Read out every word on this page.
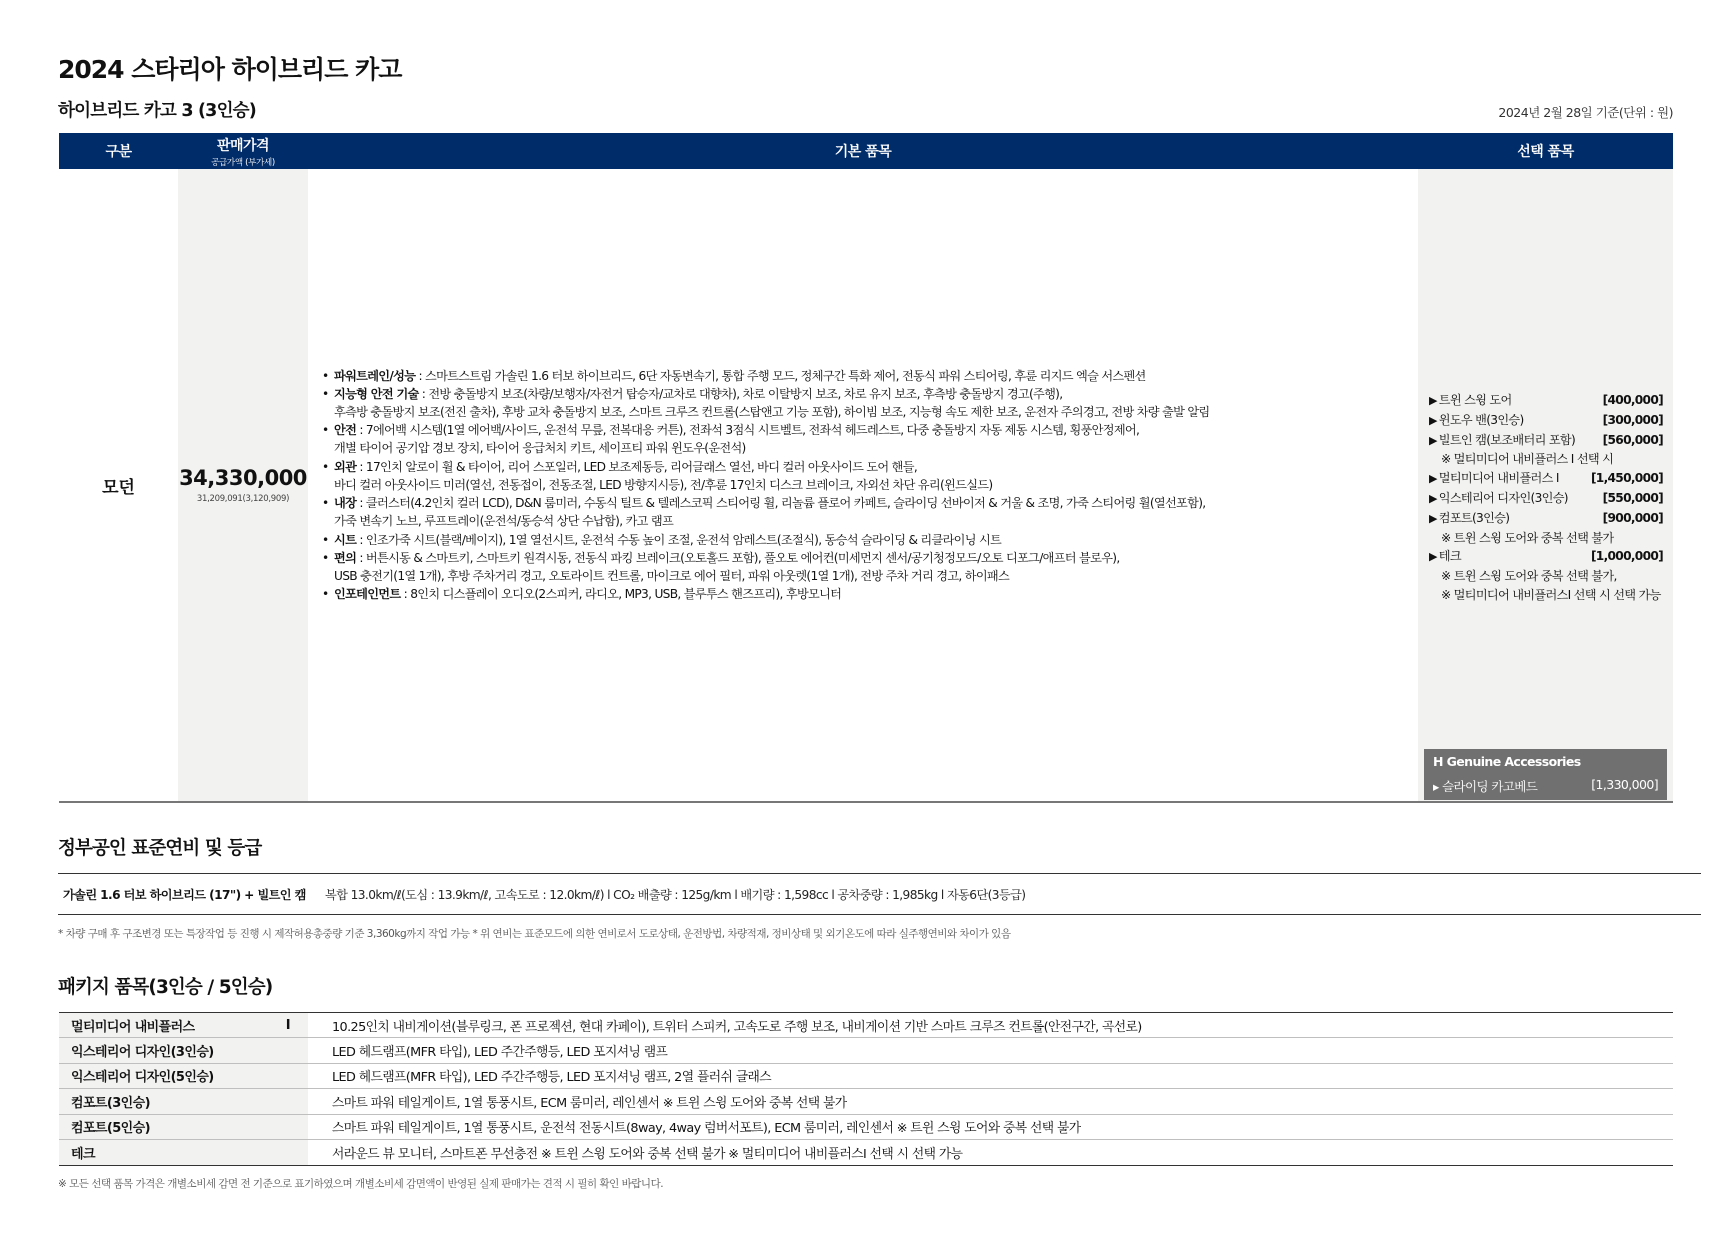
2024 스타리아 하이브리드 카고
하이브리드 카고 3 (3인승)	2024년 2월 28일 기준(단위 : 원)
구분	판매가격
공급가액 (부가세)
기본 품목	선택 품목
모던	34,330,000
31,209,091(3,120,909)
• 파워트레인/성능 : 스마트스트림 가솔린 1.6 터보 하이브리드, 6단 자동변속기, 통합 주행 모드, 정체구간 특화 제어, 전동식 파워 스티어링, 후륜 리지드 엑슬 서스펜션
• 지능형 안전 기술 : 전방 충돌방지 보조(차량/보행자/자전거 탑승자/교차로 대향차), 차로 이탈방지 보조, 차로 유지 보조, 후측방 충돌방지 경고(주행),
후측방 충돌방지 보조(전진 출차), 후방 교차 충돌방지 보조, 스마트 크루즈 컨트롤(스탑앤고 기능 포함), 하이빔 보조, 지능형 속도 제한 보조, 운전자 주의경고, 전방 차량 출발 알림
• 안전 : 7에어백 시스템(1열 에어백/사이드, 운전석 무릎, 전복대응 커튼), 전좌석 3점식 시트벨트, 전좌석 헤드레스트, 다중 충돌방지 자동 제동 시스템, 횡풍안정제어,
개별 타이어 공기압 경보 장치, 타이어 응급처치 키트, 세이프티 파워 윈도우(운전석)
• 외관 : 17인치 알로이 휠 & 타이어, 리어 스포일러, LED 보조제동등, 리어글래스 열선, 바디 컬러 아웃사이드 도어 핸들,
바디 컬러 아웃사이드 미러(열선, 전동접이, 전동조절, LED 방향지시등), 전/후륜 17인치 디스크 브레이크, 자외선 차단 유리(윈드실드)
• 내장 : 클러스터(4.2인치 컬러 LCD), D&N 룸미러, 수동식 틸트 & 텔레스코픽 스티어링 휠, 리놀륨 플로어 카페트, 슬라이딩 선바이저 & 거울 & 조명, 가죽 스티어링 휠(열선포함),
가죽 변속기 노브, 루프트레이(운전석/동승석 상단 수납함), 카고 램프
• 시트 : 인조가죽 시트(블랙/베이지), 1열 열선시트, 운전석 수동 높이 조절, 운전석 암레스트(조절식), 동승석 슬라이딩 & 리클라이닝 시트
• 편의 : 버튼시동 & 스마트키, 스마트키 원격시동, 전동식 파킹 브레이크(오토홀드 포함), 풀오토 에어컨(미세먼지 센서/공기청정모드/오토 디포그/애프터 블로우),
USB 충전기(1열 1개), 후방 주차거리 경고, 오토라이트 컨트롤, 마이크로 에어 필터, 파워 아웃렛(1열 1개), 전방 주차 거리 경고, 하이패스
• 인포테인먼트 : 8인치 디스플레이 오디오(2스피커, 라디오, MP3, USB, 블루투스 핸즈프리), 후방모니터
▶ 트윈 스윙 도어	[400,000]
▶ 윈도우 밴(3인승)	[300,000]
▶ 빌트인 캠(보조배터리 포함) [560,000]
※ 멀티미디어 내비플러스 I 선택 시
▶ 멀티미디어 내비플러스 I	[1,450,000]
▶ 익스테리어 디자인(3인승)	[550,000]
▶ 컴포트(3인승)	[900,000]
※ 트윈 스윙 도어와 중복 선택 불가
▶ 테크	[1,000,000]
※ 트윈 스윙 도어와 중복 선택 불가,
※ 멀티미디어 내비플러스I 선택 시 선택 가능
H Genuine Accessories
▸ 슬라이딩 카고베드	[1,330,000]
정부공인 표준연비 및 등급
가솔린 1.6 터보 하이브리드 (17") + 빌트인 캠	복합 13.0km/ℓ(도심 : 13.9km/ℓ, 고속도로 : 12.0km/ℓ) l CO₂ 배출량 : 125g/km l 배기량 : 1,598cc l 공차중량 : 1,985kg l 자동6단(3등급)
* 차량 구매 후 구조변경 또는 특장작업 등 진행 시 제작허용총중량 기준 3,360kg까지 작업 가능 * 위 연비는 표준모드에 의한 연비로서 도로상태, 운전방법, 차량적재, 정비상태 및 외기온도에 따라 실주행연비와 차이가 있음
패키지 품목(3인승 / 5인승)
멀티미디어 내비플러스	I	10.25인치 내비게이션(블루링크, 폰 프로젝션, 현대 카페이), 트위터 스피커, 고속도로 주행 보조, 내비게이션 기반 스마트 크루즈 컨트롤(안전구간, 곡선로)
익스테리어 디자인(3인승)	LED 헤드램프(MFR 타입), LED 주간주행등, LED 포지셔닝 램프
익스테리어 디자인(5인승)	LED 헤드램프(MFR 타입), LED 주간주행등, LED 포지셔닝 램프, 2열 플러쉬 글래스
컴포트(3인승)	스마트 파워 테일게이트, 1열 통풍시트, ECM 룸미러, 레인센서 ※ 트윈 스윙 도어와 중복 선택 불가
컴포트(5인승)	스마트 파워 테일게이트, 1열 통풍시트, 운전석 전동시트(8way, 4way 럼버서포트), ECM 룸미러, 레인센서 ※ 트윈 스윙 도어와 중복 선택 불가
테크	서라운드 뷰 모니터, 스마트폰 무선충전 ※ 트윈 스윙 도어와 중복 선택 불가 ※ 멀티미디어 내비플러스I 선택 시 선택 가능
※ 모든 선택 품목 가격은 개별소비세 감면 전 기준으로 표기하였으며 개별소비세 감면액이 반영된 실제 판매가는 견적 시 필히 확인 바랍니다.
